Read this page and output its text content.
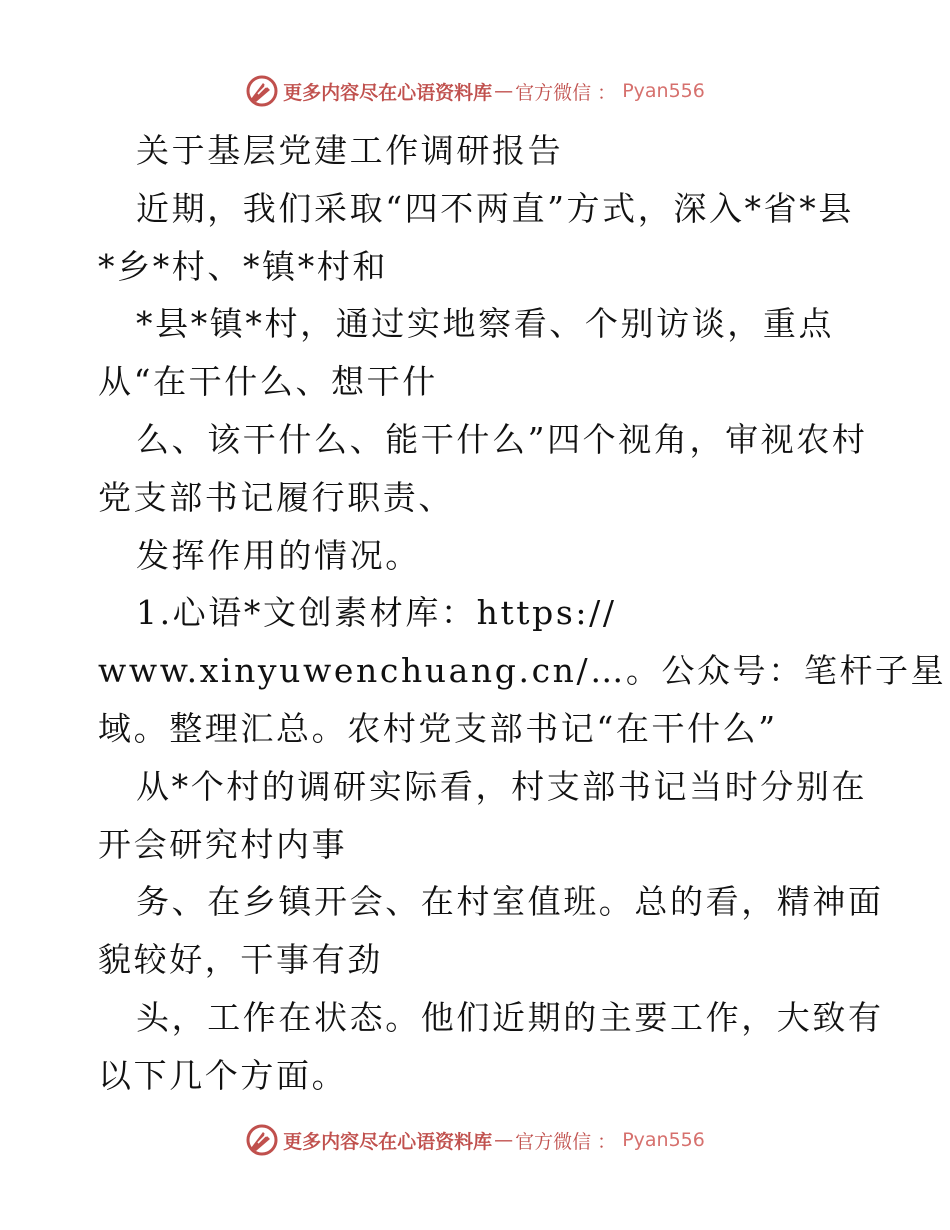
更多内容尽在心语资料库 — 官方微信 ： Pyan556
关于基层党建工作调研报告
近期，我们采取“四不两直”方式，深入*省*县
*乡*村、*镇*村和
*县*镇*村，通过实地察看、个别访谈，重点
从“在干什么、想干什
么、该干什么、能干什么”四个视角，审视农村
党支部书记履行职责、
发挥作用的情况。
1.心语*文创素材库：https://
www.xinyuwenchuang.cn/…。公众号：笔杆子星
域。整理汇总。农村党支部书记“在干什么”
从*个村的调研实际看，村支部书记当时分别在
开会研究村内事
务、在乡镇开会、在村室值班。总的看，精神面
貌较好，干事有劲
头，工作在状态。他们近期的主要工作，大致有
以下几个方面。
更多内容尽在心语资料库 — 官方微信 ： Pyan556
